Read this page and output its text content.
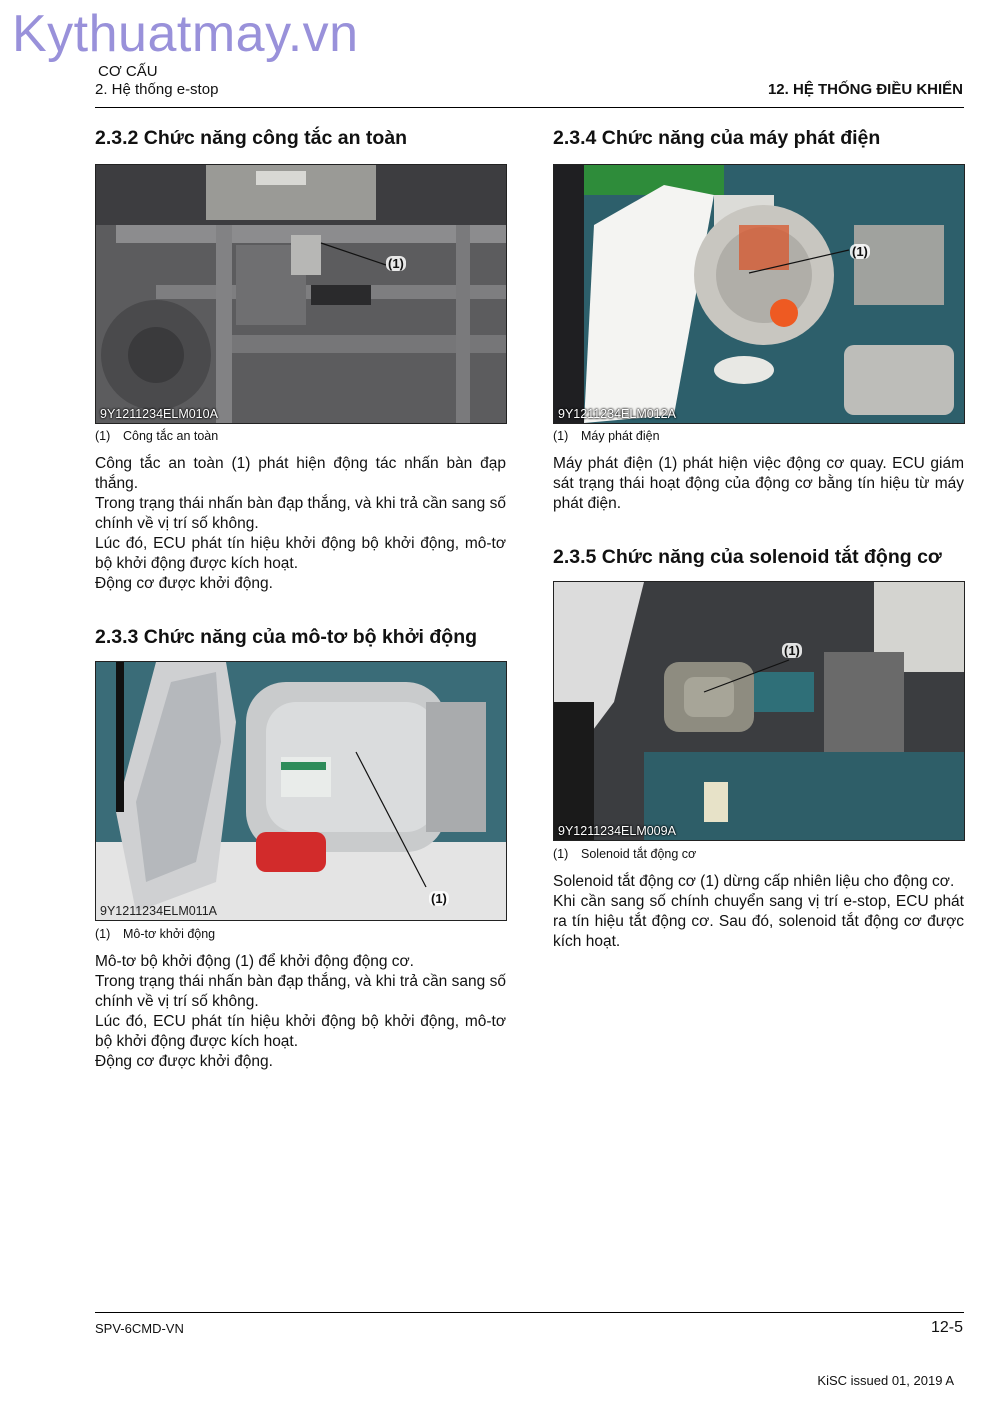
Kythuatmay.vn
CƠ CẤU
2. Hệ thống e-stop	12. HỆ THỐNG ĐIỀU KHIỂN
2.3.2 Chức năng công tắc an toàn
(1)
9Y1211234ELM010A
(1) Công tắc an toàn

Công tắc an toàn (1) phát hiện động tác nhấn bàn đạp thắng.

Trong trạng thái nhấn bàn đạp thắng, và khi trả cần sang số chính về vị trí số không.

Lúc đó, ECU phát tín hiệu khởi động bộ khởi động, mô-tơ bộ khởi động được kích hoạt.

Động cơ được khởi động.

2.3.3 Chức năng của mô-tơ bộ khởi động
(1)
9Y1211234ELM011A
(1) Mô-tơ khởi động

Mô-tơ bộ khởi động (1) để khởi động động cơ.

Trong trạng thái nhấn bàn đạp thắng, và khi trả cần sang số chính về vị trí số không.

Lúc đó, ECU phát tín hiệu khởi động bộ khởi động, mô-tơ bộ khởi động được kích hoạt.

Động cơ được khởi động.

2.3.4 Chức năng của máy phát điện
(1)
9Y1211234ELM012A
(1) Máy phát điện

Máy phát điện (1) phát hiện việc động cơ quay. ECU giám sát trạng thái hoạt động của động cơ bằng tín hiệu từ máy phát điện.

2.3.5 Chức năng của solenoid tắt động cơ
(1)
9Y1211234ELM009A
(1) Solenoid tắt động cơ

Solenoid tắt động cơ (1) dừng cấp nhiên liệu cho động cơ.

Khi cần sang số chính chuyển sang vị trí e-stop, ECU phát ra tín hiệu tắt động cơ. Sau đó, solenoid tắt động cơ được kích hoạt.

SPV-6CMD-VN	12-5
KiSC issued 01, 2019 A
